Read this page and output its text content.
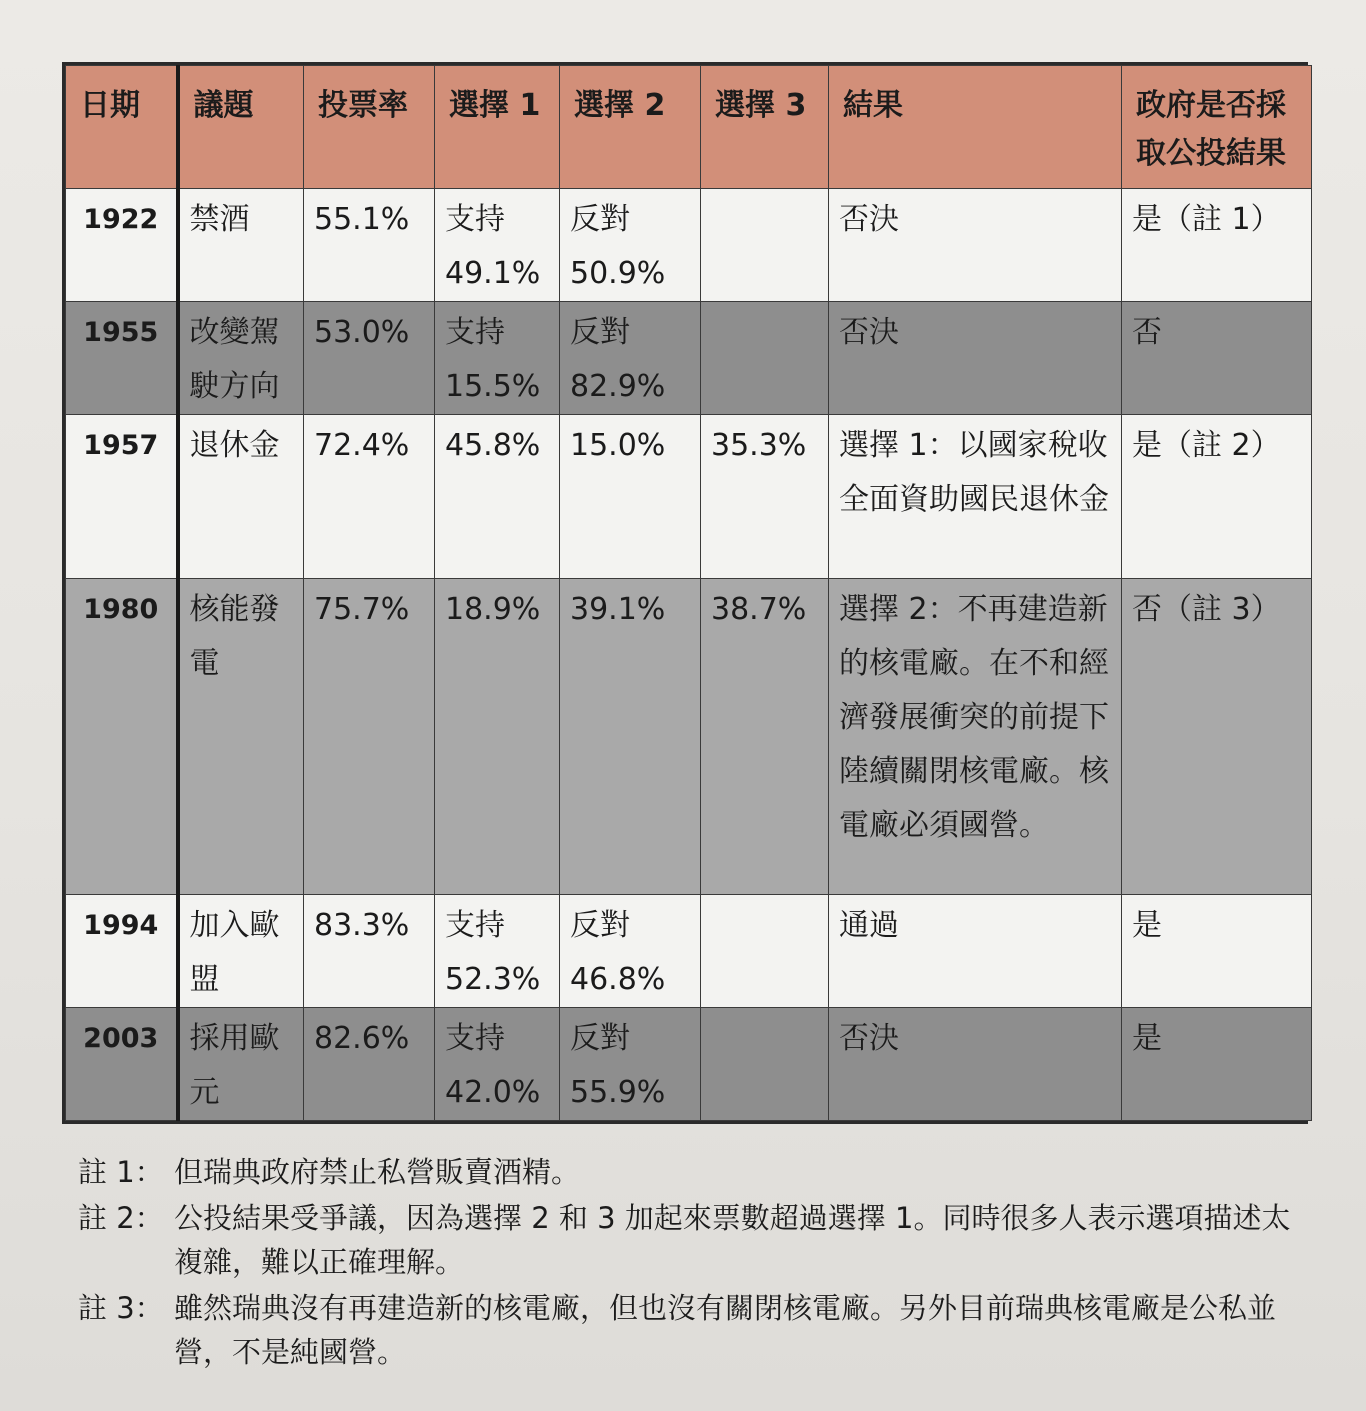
日期	議題	投票率	選擇 1	選擇 2	選擇 3	結果	政府是否採取公投結果
1922	禁酒	55.1%	支持 49.1%	反對 50.9%		否決	是（註 1）
1955	改變駕駛方向	53.0%	支持 15.5%	反對 82.9%		否決	否
1957	退休金	72.4%	45.8%	15.0%	35.3%	選擇 1：以國家稅收全面資助國民退休金	是（註 2）
1980	核能發電	75.7%	18.9%	39.1%	38.7%	選擇 2：不再建造新的核電廠。在不和經濟發展衝突的前提下陸續關閉核電廠。核電廠必須國營。	否（註 3）
1994	加入歐盟	83.3%	支持 52.3%	反對 46.8%		通過	是
2003	採用歐元	82.6%	支持 42.0%	反對 55.9%		否決	是
註 1： 但瑞典政府禁止私營販賣酒精。
註 2： 公投結果受爭議，因為選擇 2 和 3 加起來票數超過選擇 1。同時很多人表示選項描述太複雜，難以正確理解。
註 3： 雖然瑞典沒有再建造新的核電廠，但也沒有關閉核電廠。另外目前瑞典核電廠是公私並營，不是純國營。
